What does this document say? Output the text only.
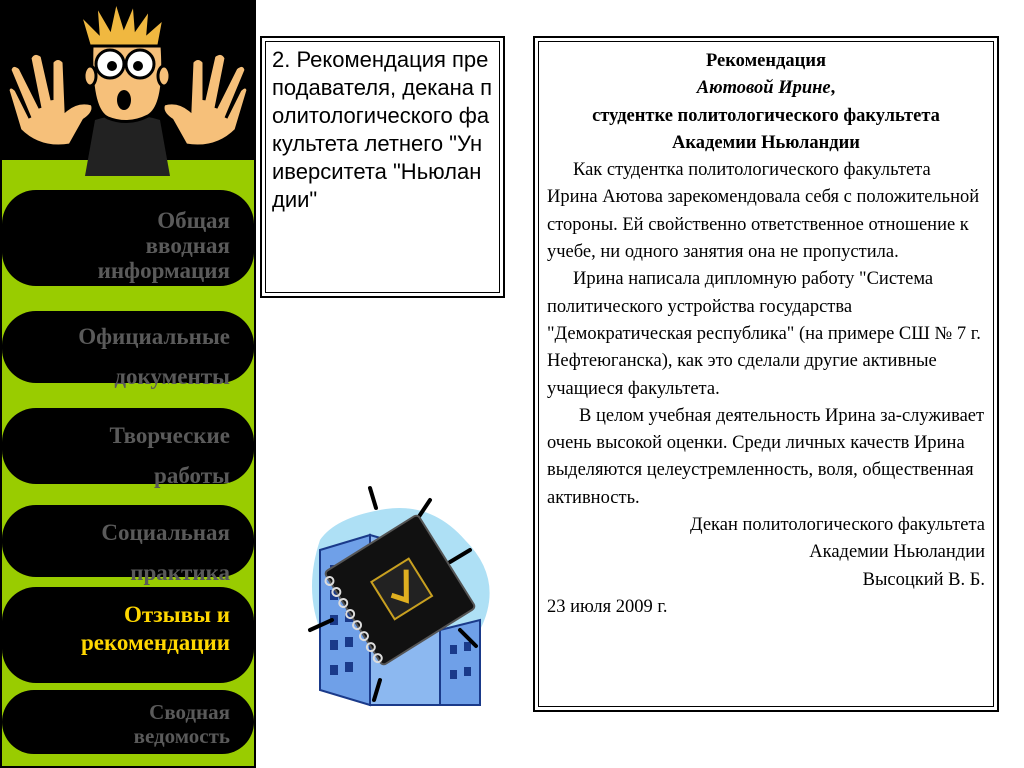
Общая
вводная
информация
Официальные
документы
Творческие
работы
Социальная
практика
Отзывы и
рекомендации
Сводная
ведомость
2. Рекомендация преподавателя, декана политологического факультета летнего "Университета "Ньюландии"
Рекомендация
Аютовой Ирине,
студентке политологического факультета
Академии Ньюландии
Как студентка политологического факультета Ирина Аютова зарекомендовала себя с положительной стороны. Ей свойственно ответственное отношение к учебе, ни одного занятия она не пропустила.
Ирина написала дипломную работу "Система политического устройства государства "Демократическая республика" (на примере СШ № 7 г. Нефтеюганска), как это сделали другие активные учащиеся факультета.
В целом учебная деятельность Ирина за-служивает очень высокой оценки. Среди личных качеств Ирина выделяются целеустремленность, воля, общественная активность.
Декан политологического факультета
Академии Ньюландии
Высоцкий В. Б.
23 июля 2009 г.
